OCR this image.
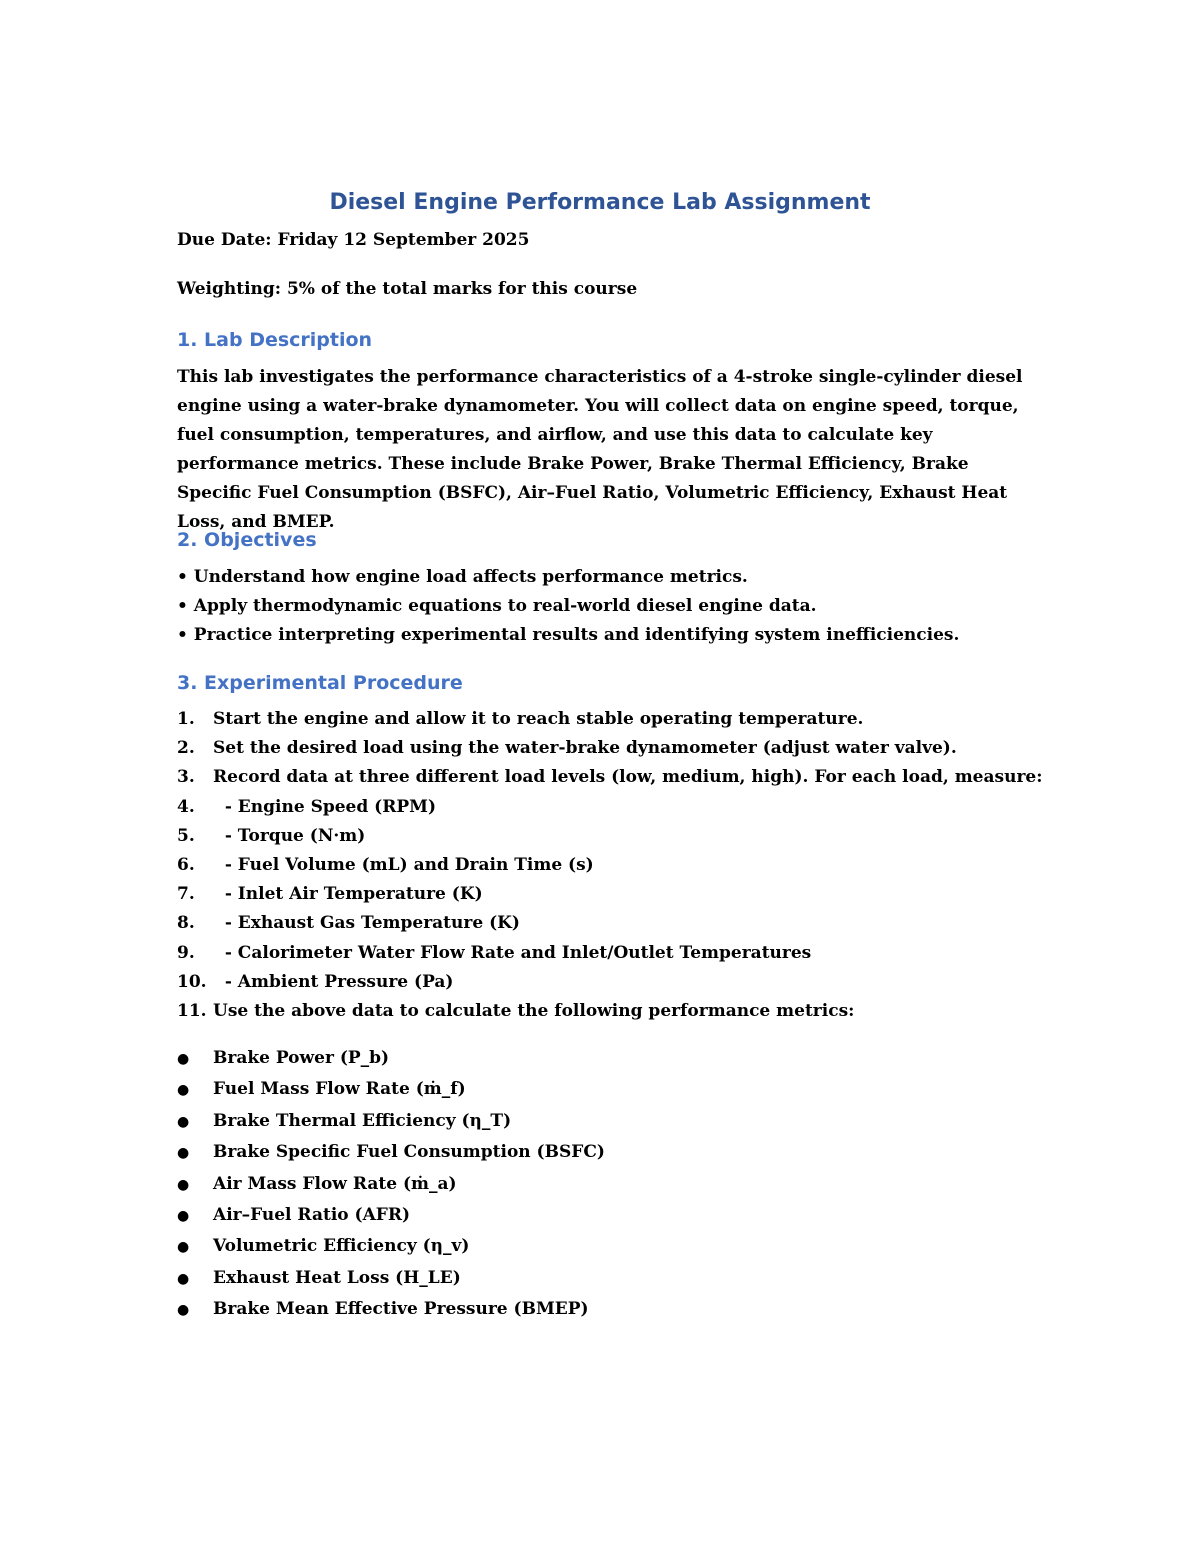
Diesel Engine Performance Lab Assignment
Due Date: Friday 12 September 2025
Weighting: 5% of the total marks for this course
1. Lab Description
This lab investigates the performance characteristics of a 4-stroke single-cylinder diesel engine using a water-brake dynamometer. You will collect data on engine speed, torque, fuel consumption, temperatures, and airflow, and use this data to calculate key performance metrics. These include Brake Power, Brake Thermal Efficiency, Brake Specific Fuel Consumption (BSFC), Air–Fuel Ratio, Volumetric Efficiency, Exhaust Heat Loss, and BMEP.
2. Objectives
• Understand how engine load affects performance metrics.
• Apply thermodynamic equations to real-world diesel engine data.
• Practice interpreting experimental results and identifying system inefficiencies.
3. Experimental Procedure
1. Start the engine and allow it to reach stable operating temperature.
2. Set the desired load using the water-brake dynamometer (adjust water valve).
3. Record data at three different load levels (low, medium, high). For each load, measure:
4.  - Engine Speed (RPM)
5.  - Torque (N·m)
6.  - Fuel Volume (mL) and Drain Time (s)
7.  - Inlet Air Temperature (K)
8.  - Exhaust Gas Temperature (K)
9.  - Calorimeter Water Flow Rate and Inlet/Outlet Temperatures
10.  - Ambient Pressure (Pa)
11. Use the above data to calculate the following performance metrics:
● Brake Power (P_b)
● Fuel Mass Flow Rate (ṁ_f)
● Brake Thermal Efficiency (η_T)
● Brake Specific Fuel Consumption (BSFC)
● Air Mass Flow Rate (ṁ_a)
● Air–Fuel Ratio (AFR)
● Volumetric Efficiency (η_v)
● Exhaust Heat Loss (H_LE)
● Brake Mean Effective Pressure (BMEP)
